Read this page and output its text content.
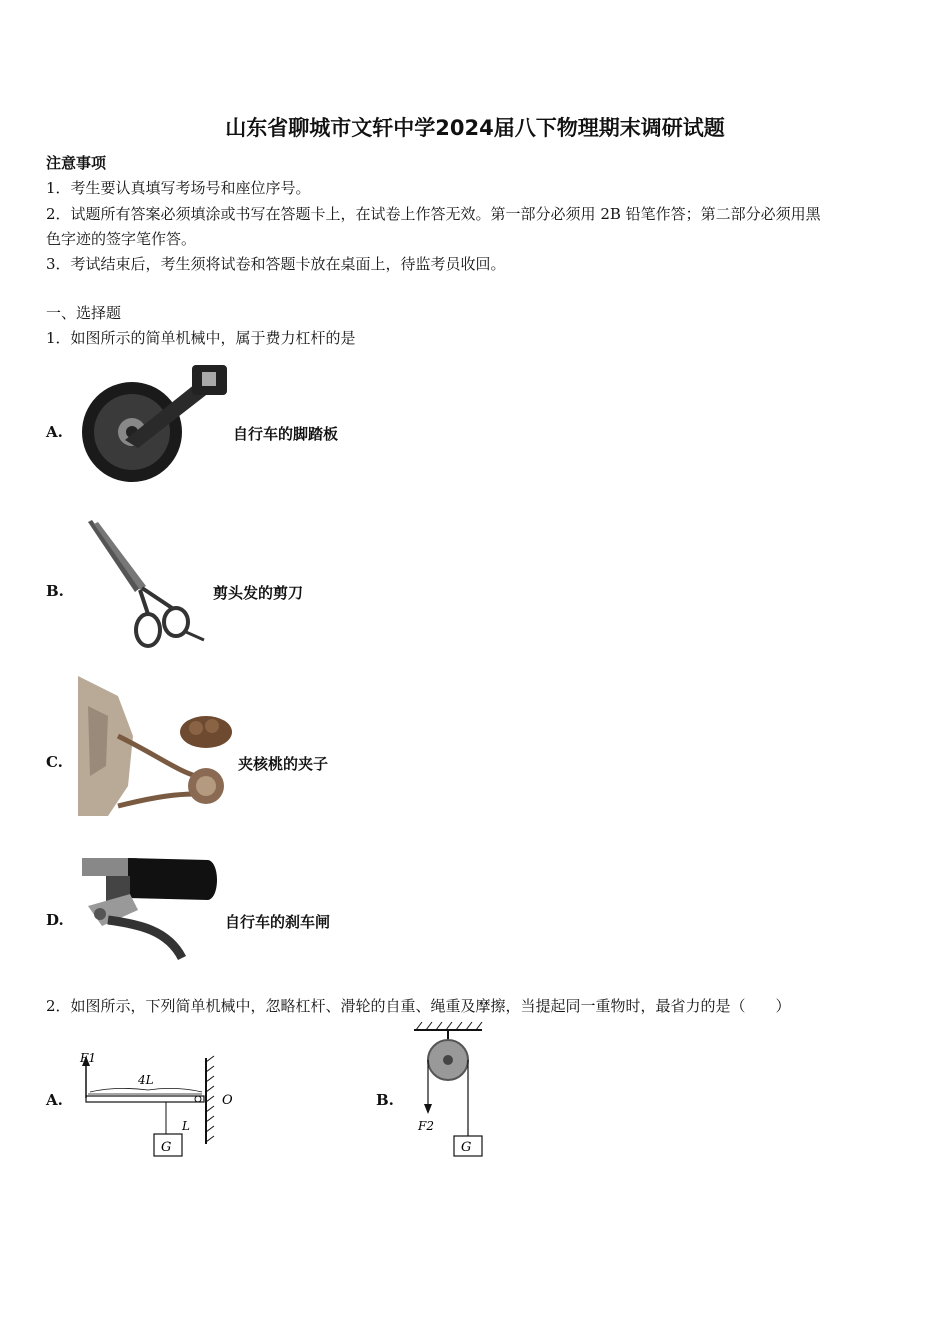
山东省聊城市文轩中学2024届八下物理期末调研试题
注意事项
1．考生要认真填写考场号和座位序号。
2．试题所有答案必须填涂或书写在答题卡上，在试卷上作答无效。第一部分必须用 2B 铅笔作答；第二部分必须用黑
色字迹的签字笔作答。
3．考试结束后，考生须将试卷和答题卡放在桌面上，待监考员收回。
一、选择题
1．如图所示的简单机械中，属于费力杠杆的是
A.	自行车的脚踏板
B.	剪头发的剪刀
C.	夹核桃的夹子
D.	自行车的刹车闸
2．如图所示，下列简单机械中，忽略杠杆、滑轮的自重、绳重及摩擦，当提起同一重物时，最省力的是（　　）
A.
F1
4L
O
L
G
B.
F2
G
